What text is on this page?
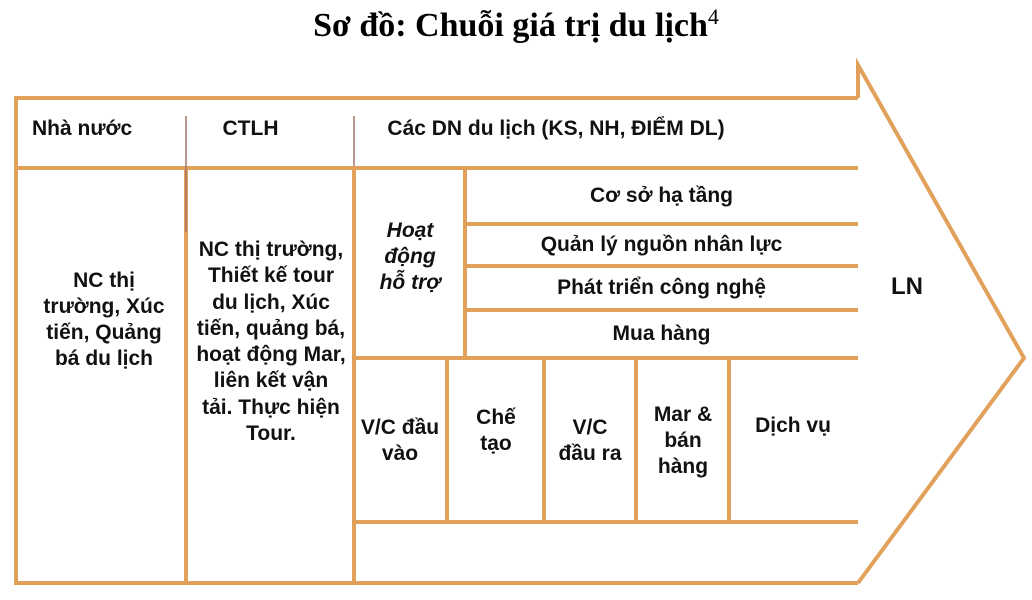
Sơ đồ: Chuỗi giá trị du lịch$^4$
Nhà nước	CTLH	Các DN du lịch (KS, NH, ĐIỂM DL)
NC thị trường, Xúc tiến, Quảng bá du lịch
NC thị trường, Thiết kế tour du lịch, Xúc tiến, quảng bá, hoạt động Mar, liên kết vận tải. Thực hiện Tour.
Hoạt động hỗ trợ
Cơ sở hạ tầng
Quản lý nguồn nhân lực
Phát triển công nghệ
Mua hàng
V/C đầu vào
Chế tạo
V/C đầu ra
Mar & bán hàng
Dịch vụ
LN
